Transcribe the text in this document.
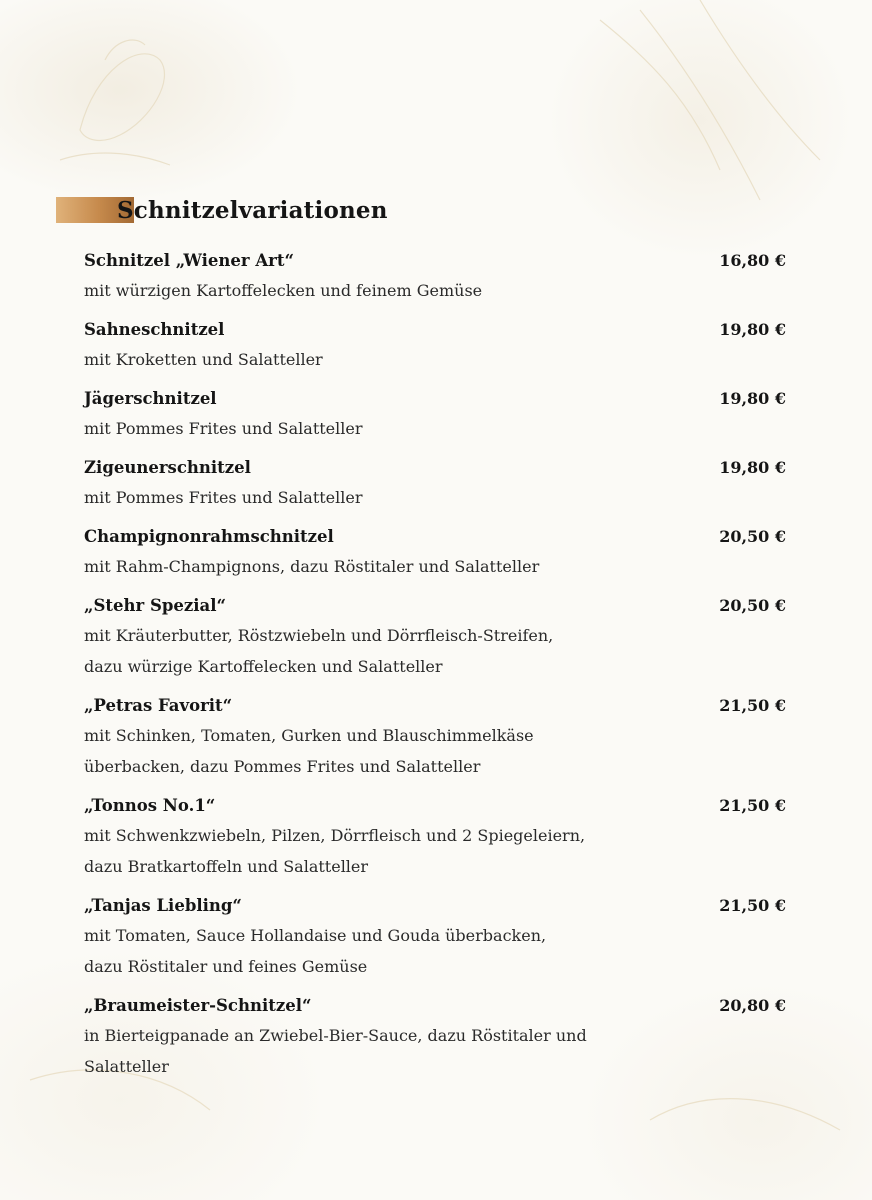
Schnitzelvariationen
Schnitzel „Wiener Art“	16,80 €
mit würzigen Kartoffelecken und feinem Gemüse
Sahneschnitzel	19,80 €
mit Kroketten und Salatteller
Jägerschnitzel	19,80 €
mit Pommes Frites und Salatteller
Zigeunerschnitzel	19,80 €
mit Pommes Frites und Salatteller
Champignonrahmschnitzel	20,50 €
mit Rahm-Champignons, dazu Röstitaler und Salatteller
„Stehr Spezial“	20,50 €
mit Kräuterbutter, Röstzwiebeln und Dörrfleisch-Streifen,
dazu würzige Kartoffelecken und Salatteller
„Petras Favorit“	21,50 €
mit Schinken, Tomaten, Gurken und Blauschimmelkäse
überbacken, dazu Pommes Frites und Salatteller
„Tonnos No.1“	21,50 €
mit Schwenkzwiebeln, Pilzen, Dörrfleisch und 2 Spiegeleiern,
dazu Bratkartoffeln und Salatteller
„Tanjas Liebling“	21,50 €
mit Tomaten, Sauce Hollandaise und Gouda überbacken,
dazu Röstitaler und feines Gemüse
„Braumeister-Schnitzel“	20,80 €
in Bierteigpanade an Zwiebel-Bier-Sauce, dazu Röstitaler und
Salatteller
